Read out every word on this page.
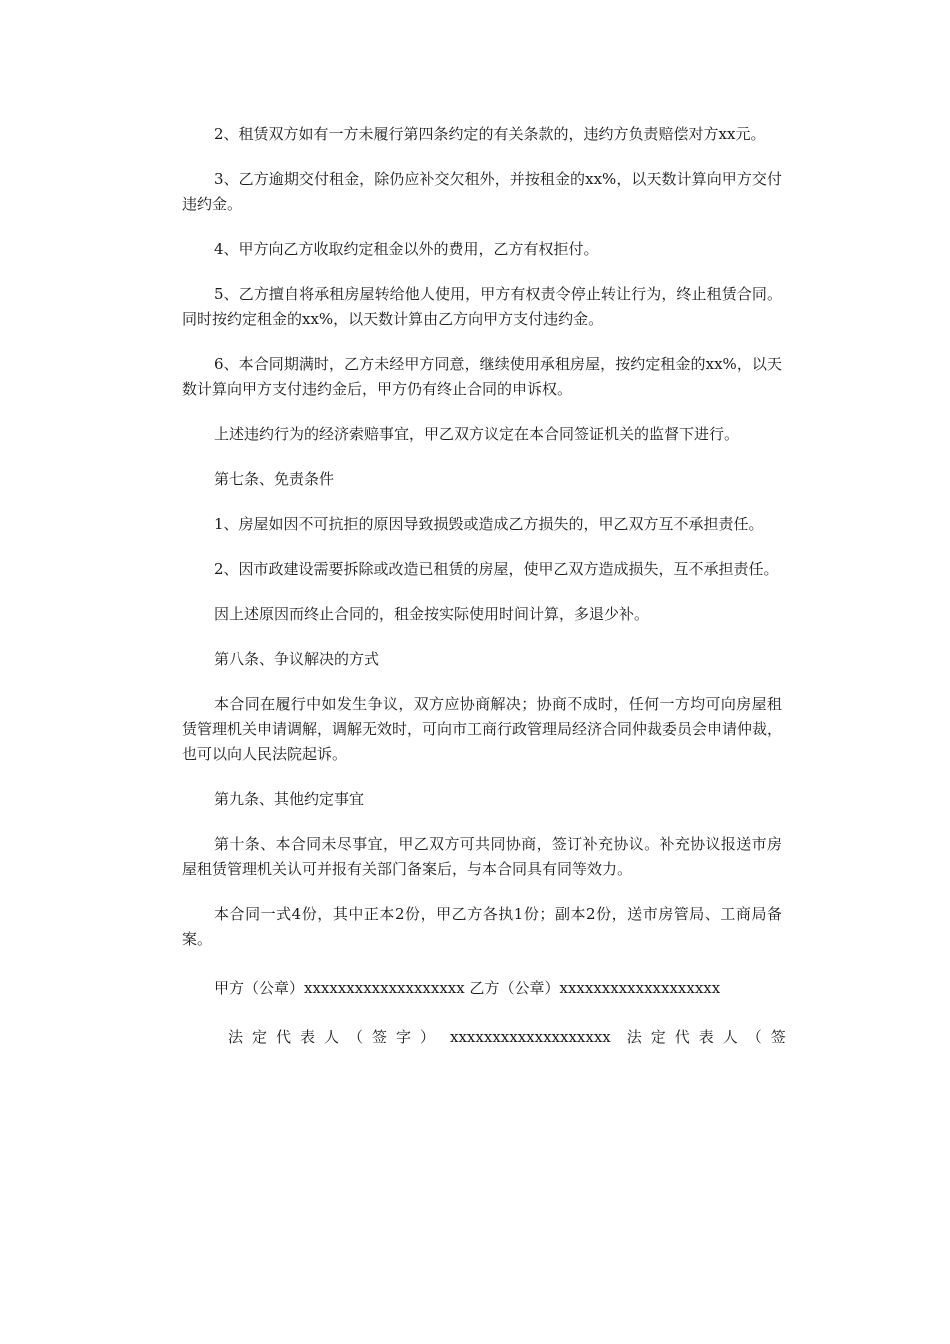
2、租赁双方如有一方未履行第四条约定的有关条款的，违约方负责赔偿对方xx元。

3、乙方逾期交付租金，除仍应补交欠租外，并按租金的xx%，以天数计算向甲方交付违约金。

4、甲方向乙方收取约定租金以外的费用，乙方有权拒付。

5、乙方擅自将承租房屋转给他人使用，甲方有权责令停止转让行为，终止租赁合同。同时按约定租金的xx%，以天数计算由乙方向甲方支付违约金。

6、本合同期满时，乙方未经甲方同意，继续使用承租房屋，按约定租金的xx%，以天数计算向甲方支付违约金后，甲方仍有终止合同的申诉权。

上述违约行为的经济索赔事宜，甲乙双方议定在本合同签证机关的监督下进行。

第七条、免责条件

1、房屋如因不可抗拒的原因导致损毁或造成乙方损失的，甲乙双方互不承担责任。

2、因市政建设需要拆除或改造已租赁的房屋，使甲乙双方造成损失，互不承担责任。

因上述原因而终止合同的，租金按实际使用时间计算，多退少补。

第八条、争议解决的方式

本合同在履行中如发生争议，双方应协商解决；协商不成时，任何一方均可向房屋租赁管理机关申请调解，调解无效时，可向市工商行政管理局经济合同仲裁委员会申请仲裁，也可以向人民法院起诉。

第九条、其他约定事宜

第十条、本合同未尽事宜，甲乙双方可共同协商，签订补充协议。补充协议报送市房屋租赁管理机关认可并报有关部门备案后，与本合同具有同等效力。

本合同一式4份，其中正本2份，甲乙方各执1份；副本2份，送市房管局、工商局备案。

甲方（公章）xxxxxxxxxxxxxxxxxxx 乙方（公章）xxxxxxxxxxxxxxxxxxx

法定代表人（签字） xxxxxxxxxxxxxxxxxxx 法定代表人（签
